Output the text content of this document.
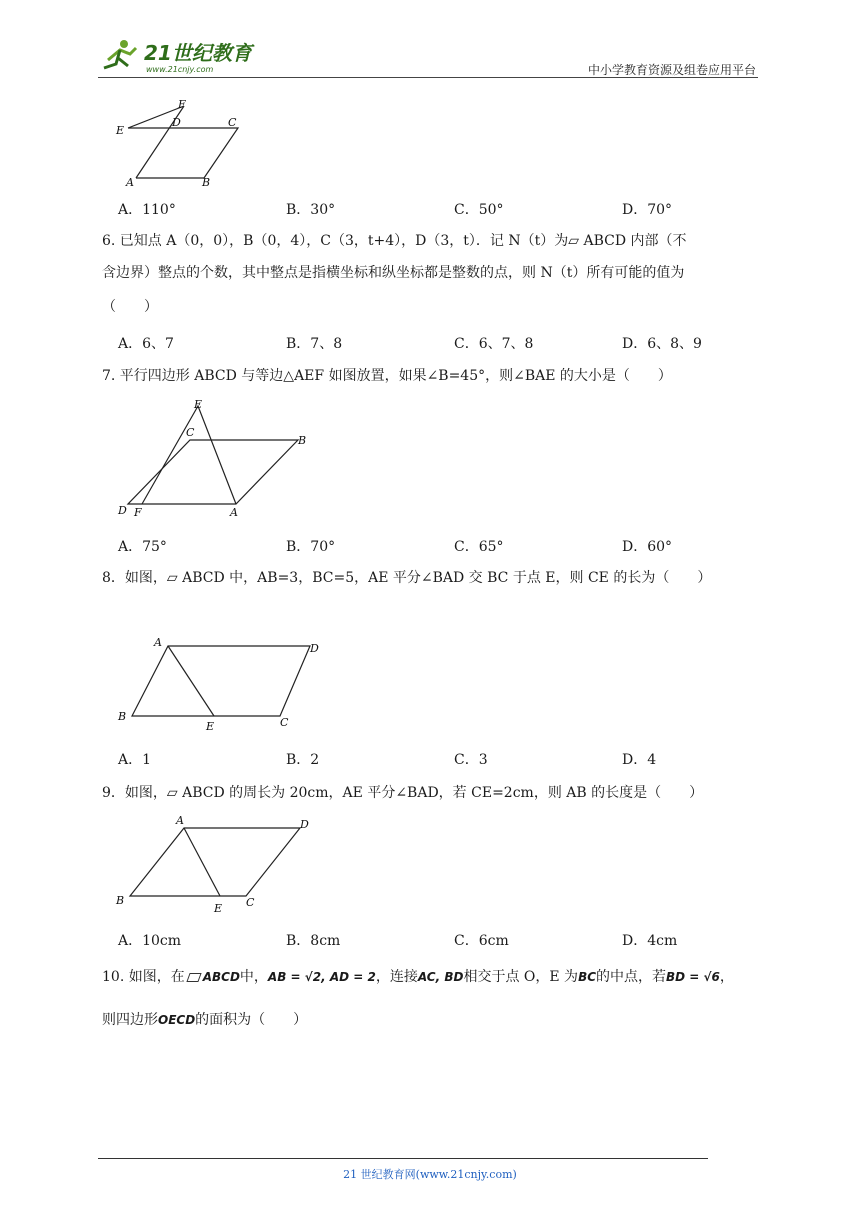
21世纪教育
www.21cnjy.com	中小学教育资源及组卷应用平台
F
E
D	C
A	B
A．110°	B．30°	C．50°	D．70°
6. 已知点 A（0，0），B（0，4），C（3，t+4），D（3，t）．记 N（t）为▱ ABCD 内部（不
含边界）整点的个数，其中整点是指横坐标和纵坐标都是整数的点，则 N（t）所有可能的值为
（　　）
A．6、7	B．7、8	C．6、7、8	D．6、8、9
7. 平行四边形 ABCD 与等边△AEF 如图放置，如果∠B=45°，则∠BAE 的大小是（　　）
E
C
B
D F	A
A．75°	B．70°	C．65°	D．60°
8．如图，▱ ABCD 中，AB=3，BC=5，AE 平分∠BAD 交 BC 于点 E，则 CE 的长为（　　）
A	D
B
E	C
A．1	B．2	C．3	D．4
9．如图，▱ ABCD 的周长为 20cm，AE 平分∠BAD，若 CE=2cm，则 AB 的长度是（　　）
A	D
B
E C
A．10cm	B．8cm	C．6cm	D．4cm
10. 如图，在 ABCD中，AB = √2, AD = 2，连接AC, BD相交于点 O，E 为BC的中点，若BD = √6，
则四边形OECD的面积为（　　）
21 世纪教育网(www.21cnjy.com)
